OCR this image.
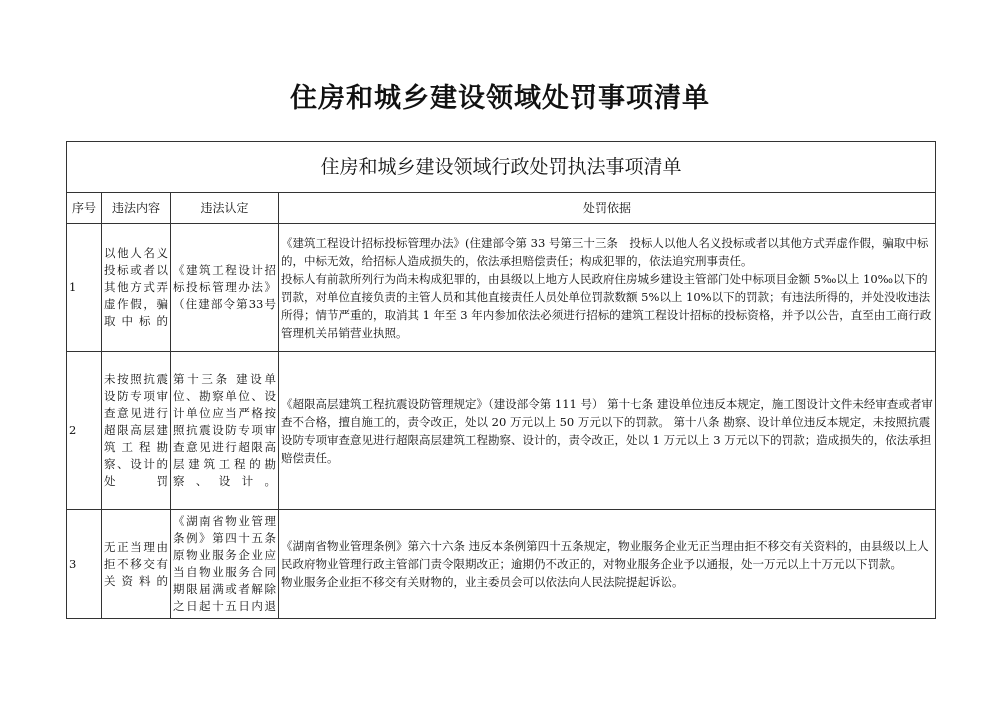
住房和城乡建设领域处罚事项清单
住房和城乡建设领域行政处罚执法事项清单			
序号	违法内容	违法认定	处罚依据
1	以他人名义投标或者以其他方式弄虚作假，骗取中标的	《建筑工程设计招标投标管理办法》（住建部令第33号	《建筑工程设计招标投标管理办法》(住建部令第 33 号第三十三条　投标人以他人名义投标或者以其他方式弄虚作假，骗取中标的，中标无效，给招标人造成损失的，依法承担赔偿责任；构成犯罪的，依法追究刑事责任。
投标人有前款所列行为尚未构成犯罪的，由县级以上地方人民政府住房城乡建设主管部门处中标项目金额 5‰以上 10‰以下的罚款，对单位直接负责的主管人员和其他直接责任人员处单位罚款数额 5%以上 10%以下的罚款；有违法所得的，并处没收违法所得；情节严重的，取消其 1 年至 3 年内参加依法必须进行招标的建筑工程设计招标的投标资格，并予以公告，直至由工商行政管理机关吊销营业执照。

2	未按照抗震设防专项审查意见进行超限高层建筑工程勘察、设计的处罚	第十三条 建设单位、勘察单位、设计单位应当严格按照抗震设防专项审查意见进行超限高层建筑工程的勘察、设计。	《超限高层建筑工程抗震设防管理规定》（建设部令第 111 号） 第十七条 建设单位违反本规定，施工图设计文件未经审查或者审查不合格，擅自施工的，责令改正，处以 20 万元以上 50 万元以下的罚款。 第十八条 勘察、设计单位违反本规定，未按照抗震设防专项审查意见进行超限高层建筑工程勘察、设计的，责令改正，处以 1 万元以上 3 万元以下的罚款；造成损失的，依法承担赔偿责任。
3	无正当理由拒不移交有关资料的	《湖南省物业管理条例》第四十五条 原物业服务企业应当自物业服务合同期限届满或者解除之日起十五日内退	《湖南省物业管理条例》第六十六条 违反本条例第四十五条规定，物业服务企业无正当理由拒不移交有关资料的，由县级以上人民政府物业管理行政主管部门责令限期改正；逾期仍不改正的，对物业服务企业予以通报，处一万元以上十万元以下罚款。　　　物业服务企业拒不移交有关财物的，业主委员会可以依法向人民法院提起诉讼。
